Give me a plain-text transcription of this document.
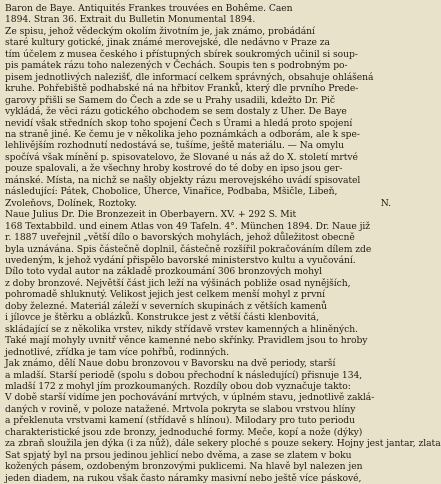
Baron de Baye. Antiquités Frankes trouvées en Bohême. Caen
1894. Stran 36. Extrait du Bulletin Monumental 1894.
Ze spisu, jehož vědeckým okolím životním je, jak známo, probádání
staré kultury gotické, jinak známé merovejské, dle nedávno v Praze za
tím účelem z musea českého i přístupných sbírek soukromých učinil si soup-
pis památek rázu toho nalezených v Čechách. Soupis ten s podrobným po-
pisem jednotlivých nalezišť, dle informací celkem správných, obsahuje ohlášená
kruhe. Pohřebiště podhabské ná na hřbitov Franků, který dle prvního Prede-
garovy přišli se Samem do Čech a zde se u Prahy usadili, kdežto Dr. Pič
vykládá, že věci rázu gotického obchodem se sem dostaly z Uher. De Baye
nevidí však středních skop toho spojení Čech s Úrami a hledá proto spojení
na straně jiné. Ke čemu je v několika jeho poznámkách a odborám, ale k spe-
lehlivějším rozhodnutí nedostává se, tušíme, ještě materiálu. — Na omylu
spočívá však mínění p. spisovatelovo, že Slované u nás až do X. století mrtvé
pouze spalovali, a že všechny hroby kostrové do té doby en ipso jsou ger-
mánské. Místa, na nichž se našly objekty rázu merovejského uvádí spisovatel
následující: Pátek, Chobolice, Úherce, Vinařice, Podbaba, Mšičle, Libeň,
Zvoleňovs, Dolínek, Roztoky.	N.
Naue Julius Dr. Die Bronzezeit in Oberbayern. XV. + 292 S. Mit
168 Textabbild. und einem Atlas von 49 Tafeln. 4°. München 1894. Dr. Naue již
r. 1887 uveřejnil „větší dílo o bavorských mohylách, jehož důležitost obecně
byla uznávána. Spis částečně doplnil, částečně rozšířil pokračováním dílem zde
uvedeným, k jehož vydání přispělo bavorské ministerstvo kultu a vyučování.
Dílo toto vydal autor na základě prozkoumání 306 bronzových mohyl
z doby bronzové. Největší část jich leží na výšinách pobliže osad nynějších,
pohromadě shluknutý. Velikost jejich jest celkem menší mohyl z první
doby železné. Materiál záleží v severních skupinách z větších kamenů
i jílovce je štěrku a oblázků. Konstrukce jest z větší části klenbovitá,
skládající se z několika vrstev, nikdy střídavě vrstev kamenných a hliněných.
Také mají mohyly uvnitř věnce kamenné nebo skřínky. Pravidlem jsou to hroby
jednotlivé, zřídka je tam více pohřbů, rodinných.
Jak známo, dělí Naue dobu bronzovou v Bavorsku na dvě periody, starší
a mladší. Starší periodě (spolu s dobou přechodní k následující) přisnuje 134,
mladší 172 z mohyl jím prozkoumaných. Rozdíly obou dob vyznačuje takto:
V době starší vidíme jen pochovávání mrtvých, v úplném stavu, jednotlivě zaklá-
daných v rovině, v poloze natažené. Mrtvola pokryta se slabou vrstvou hlíny
a překlenuta vrstvami kamení (střídavě s hlínou). Milodary pro tuto periodu
charakteristické jsou zde bronzy, jednoduché formy. Meče, kopí a nože (dýky)
za zbraň sloužila jen dýka (i za nůž), dále sekery ploché s pouze sekery. Hojny jest jantar, zlata
Sat spjatý byl na prsou jedinou jehlicí nebo dvěma, a zase se zlatem v boku
kožených pásem, ozdobeným bronzovými puklicemi. Na hlavě byl nalezen jen
jeden diadem, na rukou však často náramky masivní nebo ještě více páskové,
